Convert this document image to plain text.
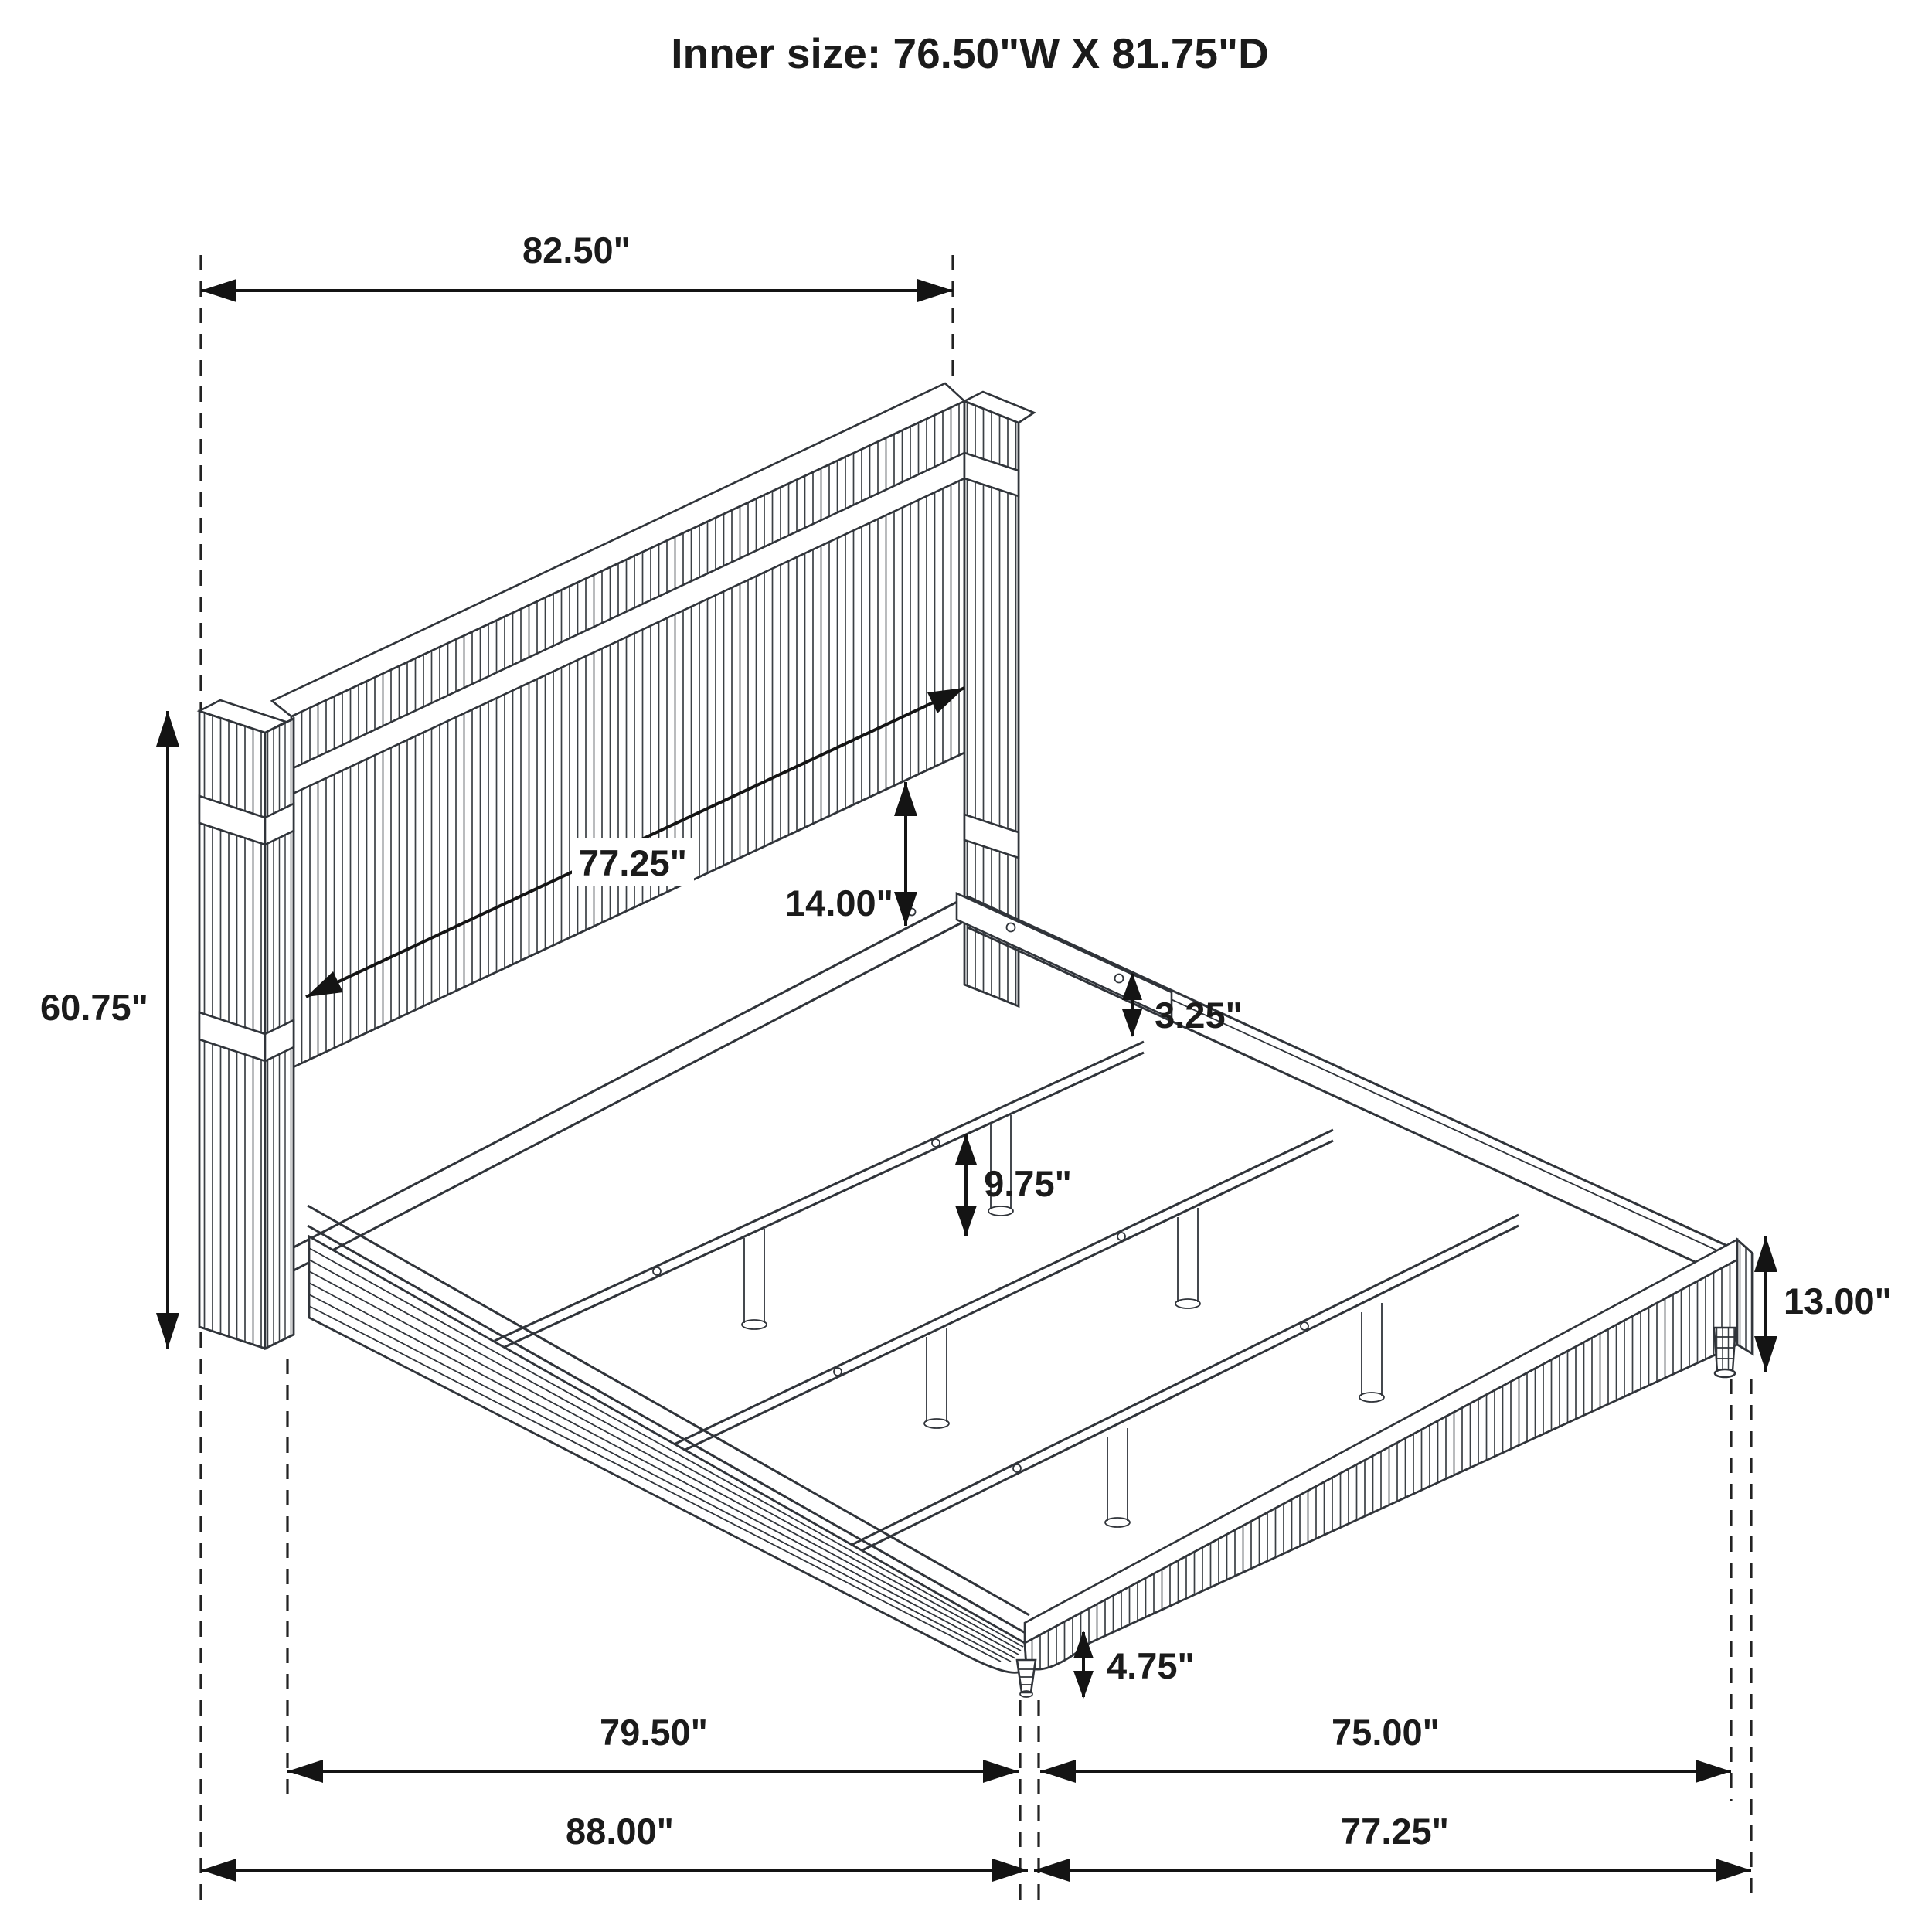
Inner size: 76.50"W X 81.75"D
82.50"
60.75"
77.25"
14.00"
3.25"
9.75"
13.00"
4.75"
79.50"	75.00"
88.00"	77.25"
